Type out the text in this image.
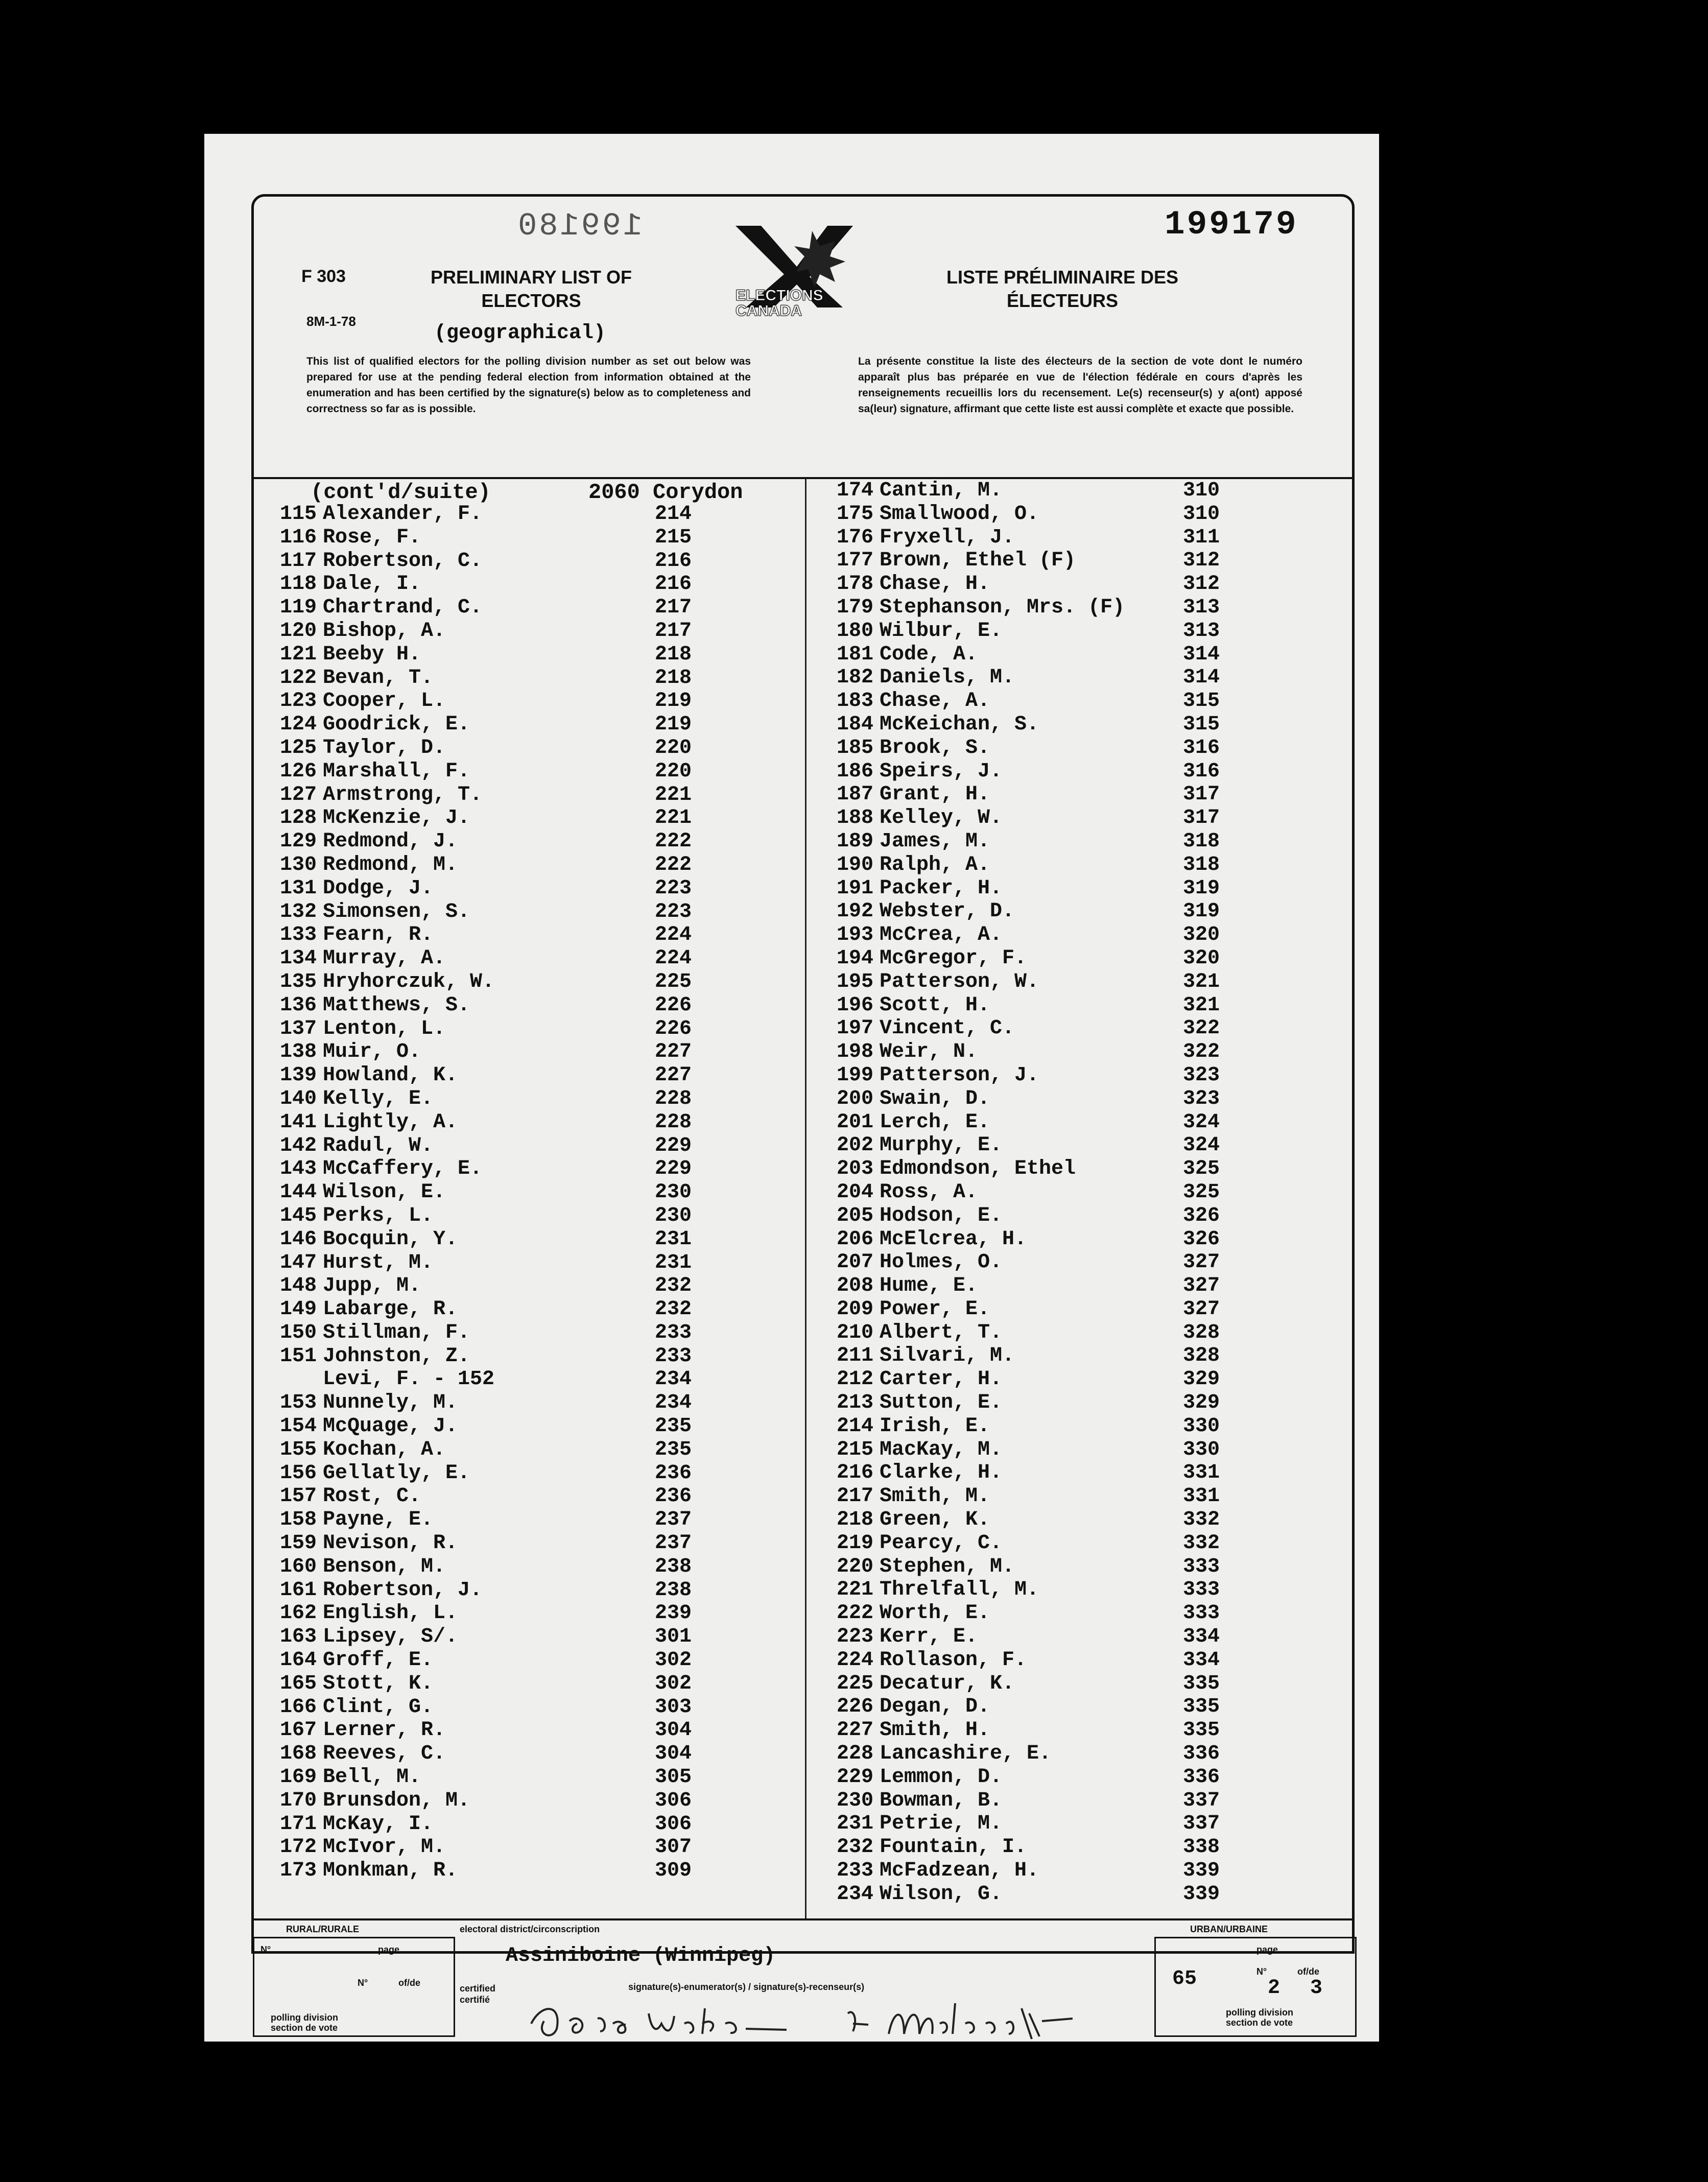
199180	199179
F 303
8M-1-78
PRELIMINARY LIST OF ELECTORS
LISTE PRÉLIMINAIRE DES ÉLECTEURS
(geographical)
ELECTIONS CANADA
This list of qualified electors for the polling division number as set out below was prepared for use at the pending federal election from information obtained at the enumeration and has been certified by the signature(s) below as to completeness and correctness so far as is possible.
La présente constitue la liste des électeurs de la section de vote dont le numéro apparaît plus bas préparée en vue de l'élection fédérale en cours d'après les renseignements recueillis lors du recensement. Le(s) recenseur(s) y a(ont) apposé sa(leur) signature, affirmant que cette liste est aussi complète et exacte que possible.
(cont'd/suite)	2060 Corydon
115 Alexander, F.	214
116 Rose, F.	215
117 Robertson, C.	216
118 Dale, I.	216
119 Chartrand, C.	217
120 Bishop, A.	217
121 Beeby H.	218
122 Bevan, T.	218
123 Cooper, L.	219
124 Goodrick, E.	219
125 Taylor, D.	220
126 Marshall, F.	220
127 Armstrong, T.	221
128 McKenzie, J.	221
129 Redmond, J.	222
130 Redmond, M.	222
131 Dodge, J.	223
132 Simonsen, S.	223
133 Fearn, R.	224
134 Murray, A.	224
135 Hryhorczuk, W.	225
136 Matthews, S.	226
137 Lenton, L.	226
138 Muir, O.	227
139 Howland, K.	227
140 Kelly, E.	228
141 Lightly, A.	228
142 Radul, W.	229
143 McCaffery, E.	229
144 Wilson, E.	230
145 Perks, L.	230
146 Bocquin, Y.	231
147 Hurst, M.	231
148 Jupp, M.	232
149 Labarge, R.	232
150 Stillman, F.	233
151 Johnston, Z.	233
Levi, F. - 152	234
153 Nunnely, M.	234
154 McQuage, J.	235
155 Kochan, A.	235
156 Gellatly, E.	236
157 Rost, C.	236
158 Payne, E.	237
159 Nevison, R.	237
160 Benson, M.	238
161 Robertson, J.	238
162 English, L.	239
163 Lipsey, S/.	301
164 Groff, E.	302
165 Stott, K.	302
166 Clint, G.	303
167 Lerner, R.	304
168 Reeves, C.	304
169 Bell, M.	305
170 Brunsdon, M.	306
171 McKay, I.	306
172 McIvor, M.	307
173 Monkman, R.	309
174 Cantin, M.	310
175 Smallwood, O.	310
176 Fryxell, J.	311
177 Brown, Ethel (F)	312
178 Chase, H.	312
179 Stephanson, Mrs. (F)	313
180 Wilbur, E.	313
181 Code, A.	314
182 Daniels, M.	314
183 Chase, A.	315
184 McKeichan, S.	315
185 Brook, S.	316
186 Speirs, J.	316
187 Grant, H.	317
188 Kelley, W.	317
189 James, M.	318
190 Ralph, A.	318
191 Packer, H.	319
192 Webster, D.	319
193 McCrea, A.	320
194 McGregor, F.	320
195 Patterson, W.	321
196 Scott, H.	321
197 Vincent, C.	322
198 Weir, N.	322
199 Patterson, J.	323
200 Swain, D.	323
201 Lerch, E.	324
202 Murphy, E.	324
203 Edmondson, Ethel	325
204 Ross, A.	325
205 Hodson, E.	326
206 McElcrea, H.	326
207 Holmes, O.	327
208 Hume, E.	327
209 Power, E.	327
210 Albert, T.	328
211 Silvari, M.	328
212 Carter, H.	329
213 Sutton, E.	329
214 Irish, E.	330
215 MacKay, M.	330
216 Clarke, H.	331
217 Smith, M.	331
218 Green, K.	332
219 Pearcy, C.	332
220 Stephen, M.	333
221 Threlfall, M.	333
222 Worth, E.	333
223 Kerr, E.	334
224 Rollason, F.	334
225 Decatur, K.	335
226 Degan, D.	335
227 Smith, H.	335
228 Lancashire, E.	336
229 Lemmon, D.	336
230 Bowman, B.	337
231 Petrie, M.	337
232 Fountain, I.	338
233 McFadzean, H.	339
234 Wilson, G.	339
RURAL/RURALE	URBAN/URBAINE
electoral district/circonscription
Assiniboine (Winnipeg)
N°	page
N°	of/de
polling division
section de vote
certified
certifié
signature(s)-enumerator(s) / signature(s)-recenseur(s)
page
N°	of/de
65	2 3
polling division
section de vote
